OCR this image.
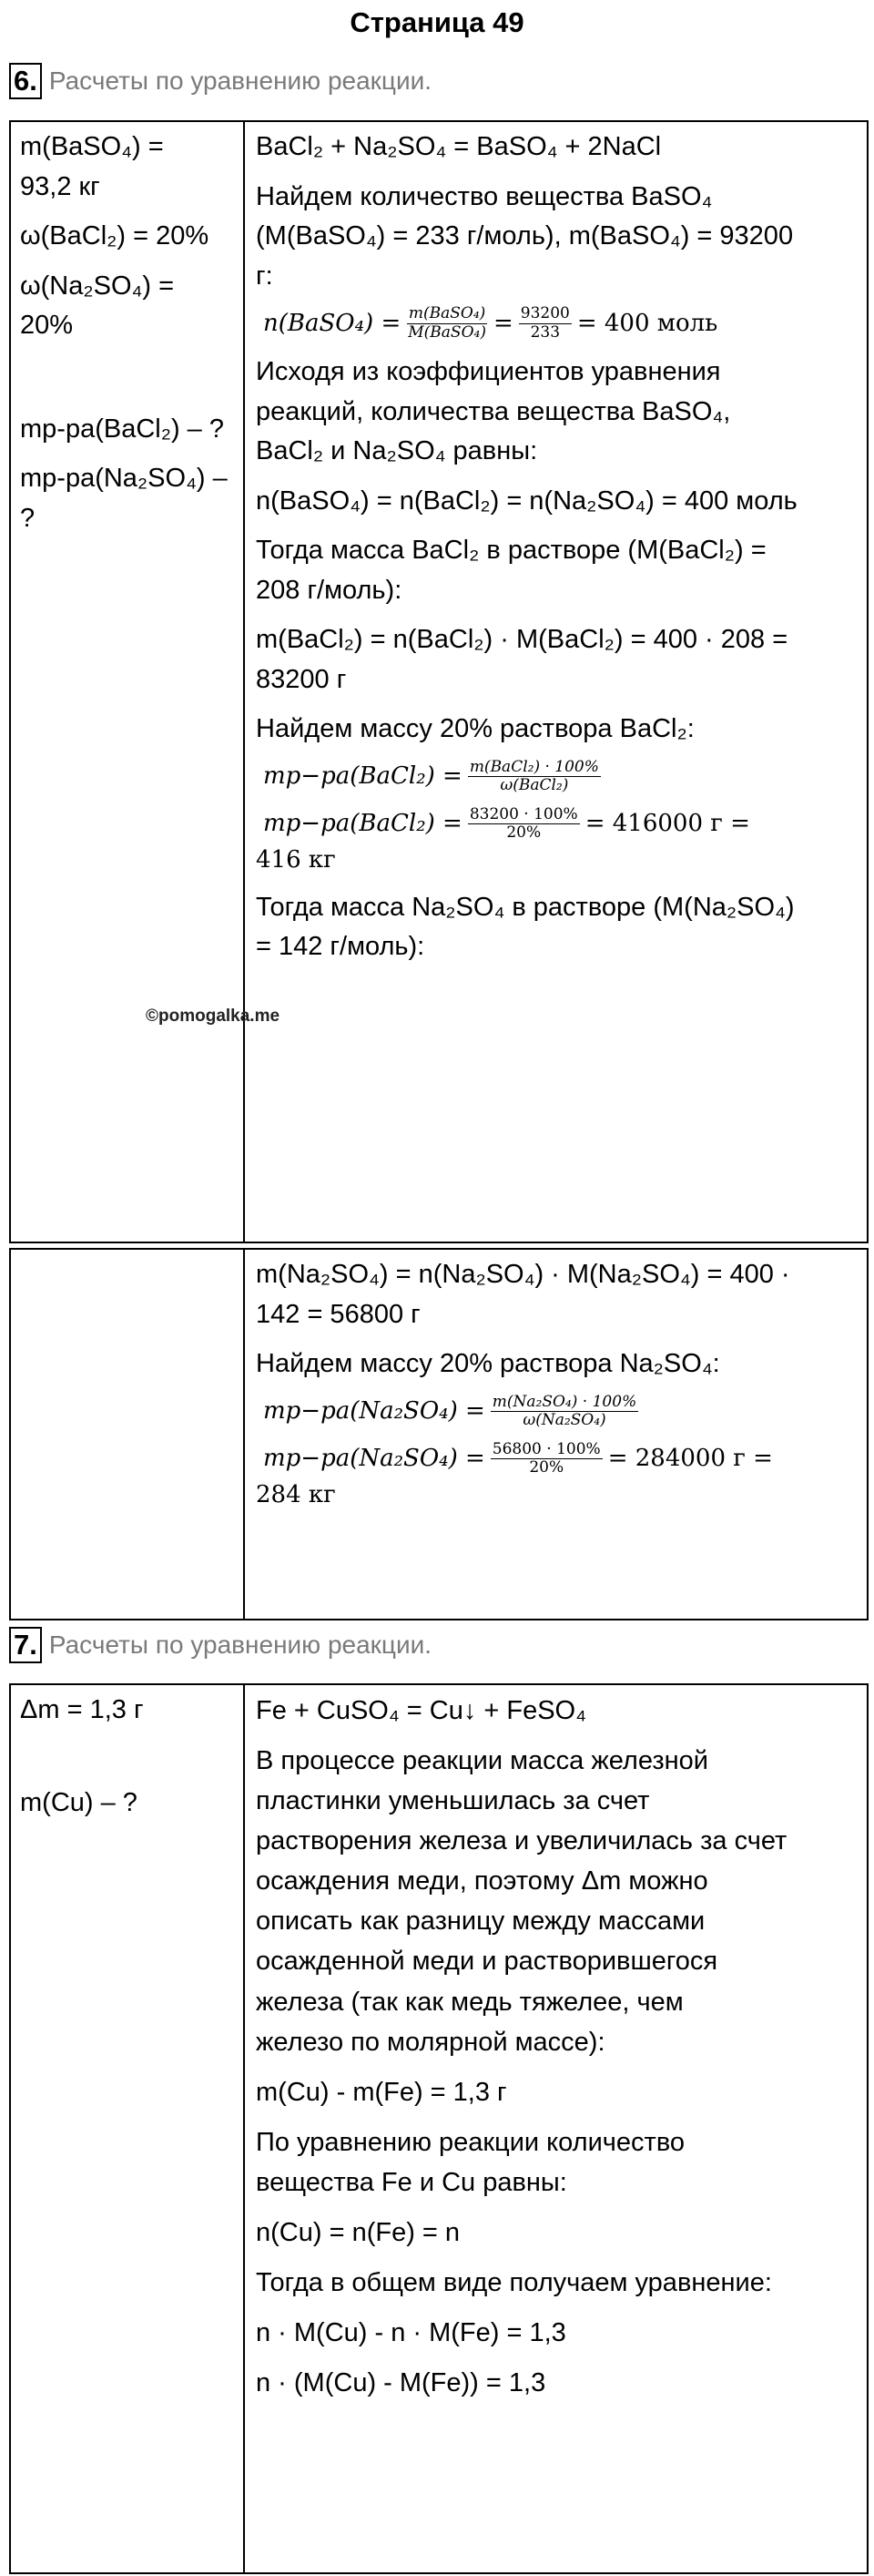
Страница 49
6. Расчеты по уравнению реакции.
m(BaSO₄) =
93,2 кг
ω(BaCl₂) = 20%
ω(Na₂SO₄) =
20%
mр-ра(BaCl₂) – ?
mр-ра(Na₂SO₄) –
?

BaCl₂ + Na₂SO₄ = BaSO₄ + 2NaCl
Найдем количество вещества BaSO₄
(M(BaSO₄) = 233 г/моль), m(BaSO₄) = 93200
г:
n(BaSO₄) = $\frac{\text{m(BaSO₄)}}{\text{M(BaSO₄)}} = \frac{93200}{233} = 400$ моль
Исходя из коэффициентов уравнения
реакций, количества вещества BaSO₄,
BaCl₂ и Na₂SO₄ равны:
n(BaSO₄) = n(BaCl₂) = n(Na₂SO₄) = 400 моль
Тогда масса BaCl₂ в растворе (M(BaCl₂) =
208 г/моль):
m(BaCl₂) = n(BaCl₂) · M(BaCl₂) = 400 · 208 =
83200 г
Найдем массу 20% раствора BaCl₂:
mр−ра(BaCl₂) = $\frac{\text{m(BaCl₂) · 100\%}}{\text{ω(BaCl₂)}}$
mр−ра(BaCl₂) = $\frac{83200 \cdot 100\%}{20\%} = 416000$ г =
416 кг
Тогда масса Na₂SO₄ в растворе (M(Na₂SO₄)
= 142 г/моль):
©pomogalka.me

m(Na₂SO₄) = n(Na₂SO₄) · M(Na₂SO₄) = 400 ·
142 = 56800 г
Найдем массу 20% раствора Na₂SO₄:
$mр-ра(Na_2SO_4) = \frac{\text{m(Na₂SO₄) · 100\%}}{\text{ω(Na₂SO₄)}}$
$mр-ра(Na_2SO_4) = \frac{56800 \cdot 100\%}{20\%} = 284000$ г =
284 кг
7. Расчеты по уравнению реакции.
Δm = 1,3 г
m(Cu) – ?

Fe + CuSO₄ = Cu↓ + FeSO₄
В процессе реакции масса железной
пластинки уменьшилась за счет
растворения железа и увеличилась за счет
осаждения меди, поэтому Δm можно
описать как разницу между массами
осажденной меди и растворившегося
железа (так как медь тяжелее, чем
железо по молярной массе):
m(Cu) - m(Fe) = 1,3 г
По уравнению реакции количество
вещества Fe и Cu равны:
n(Cu) = n(Fe) = n
Тогда в общем виде получаем уравнение:
n · M(Cu) - n · M(Fe) = 1,3
n · (M(Cu) - M(Fe)) = 1,3
